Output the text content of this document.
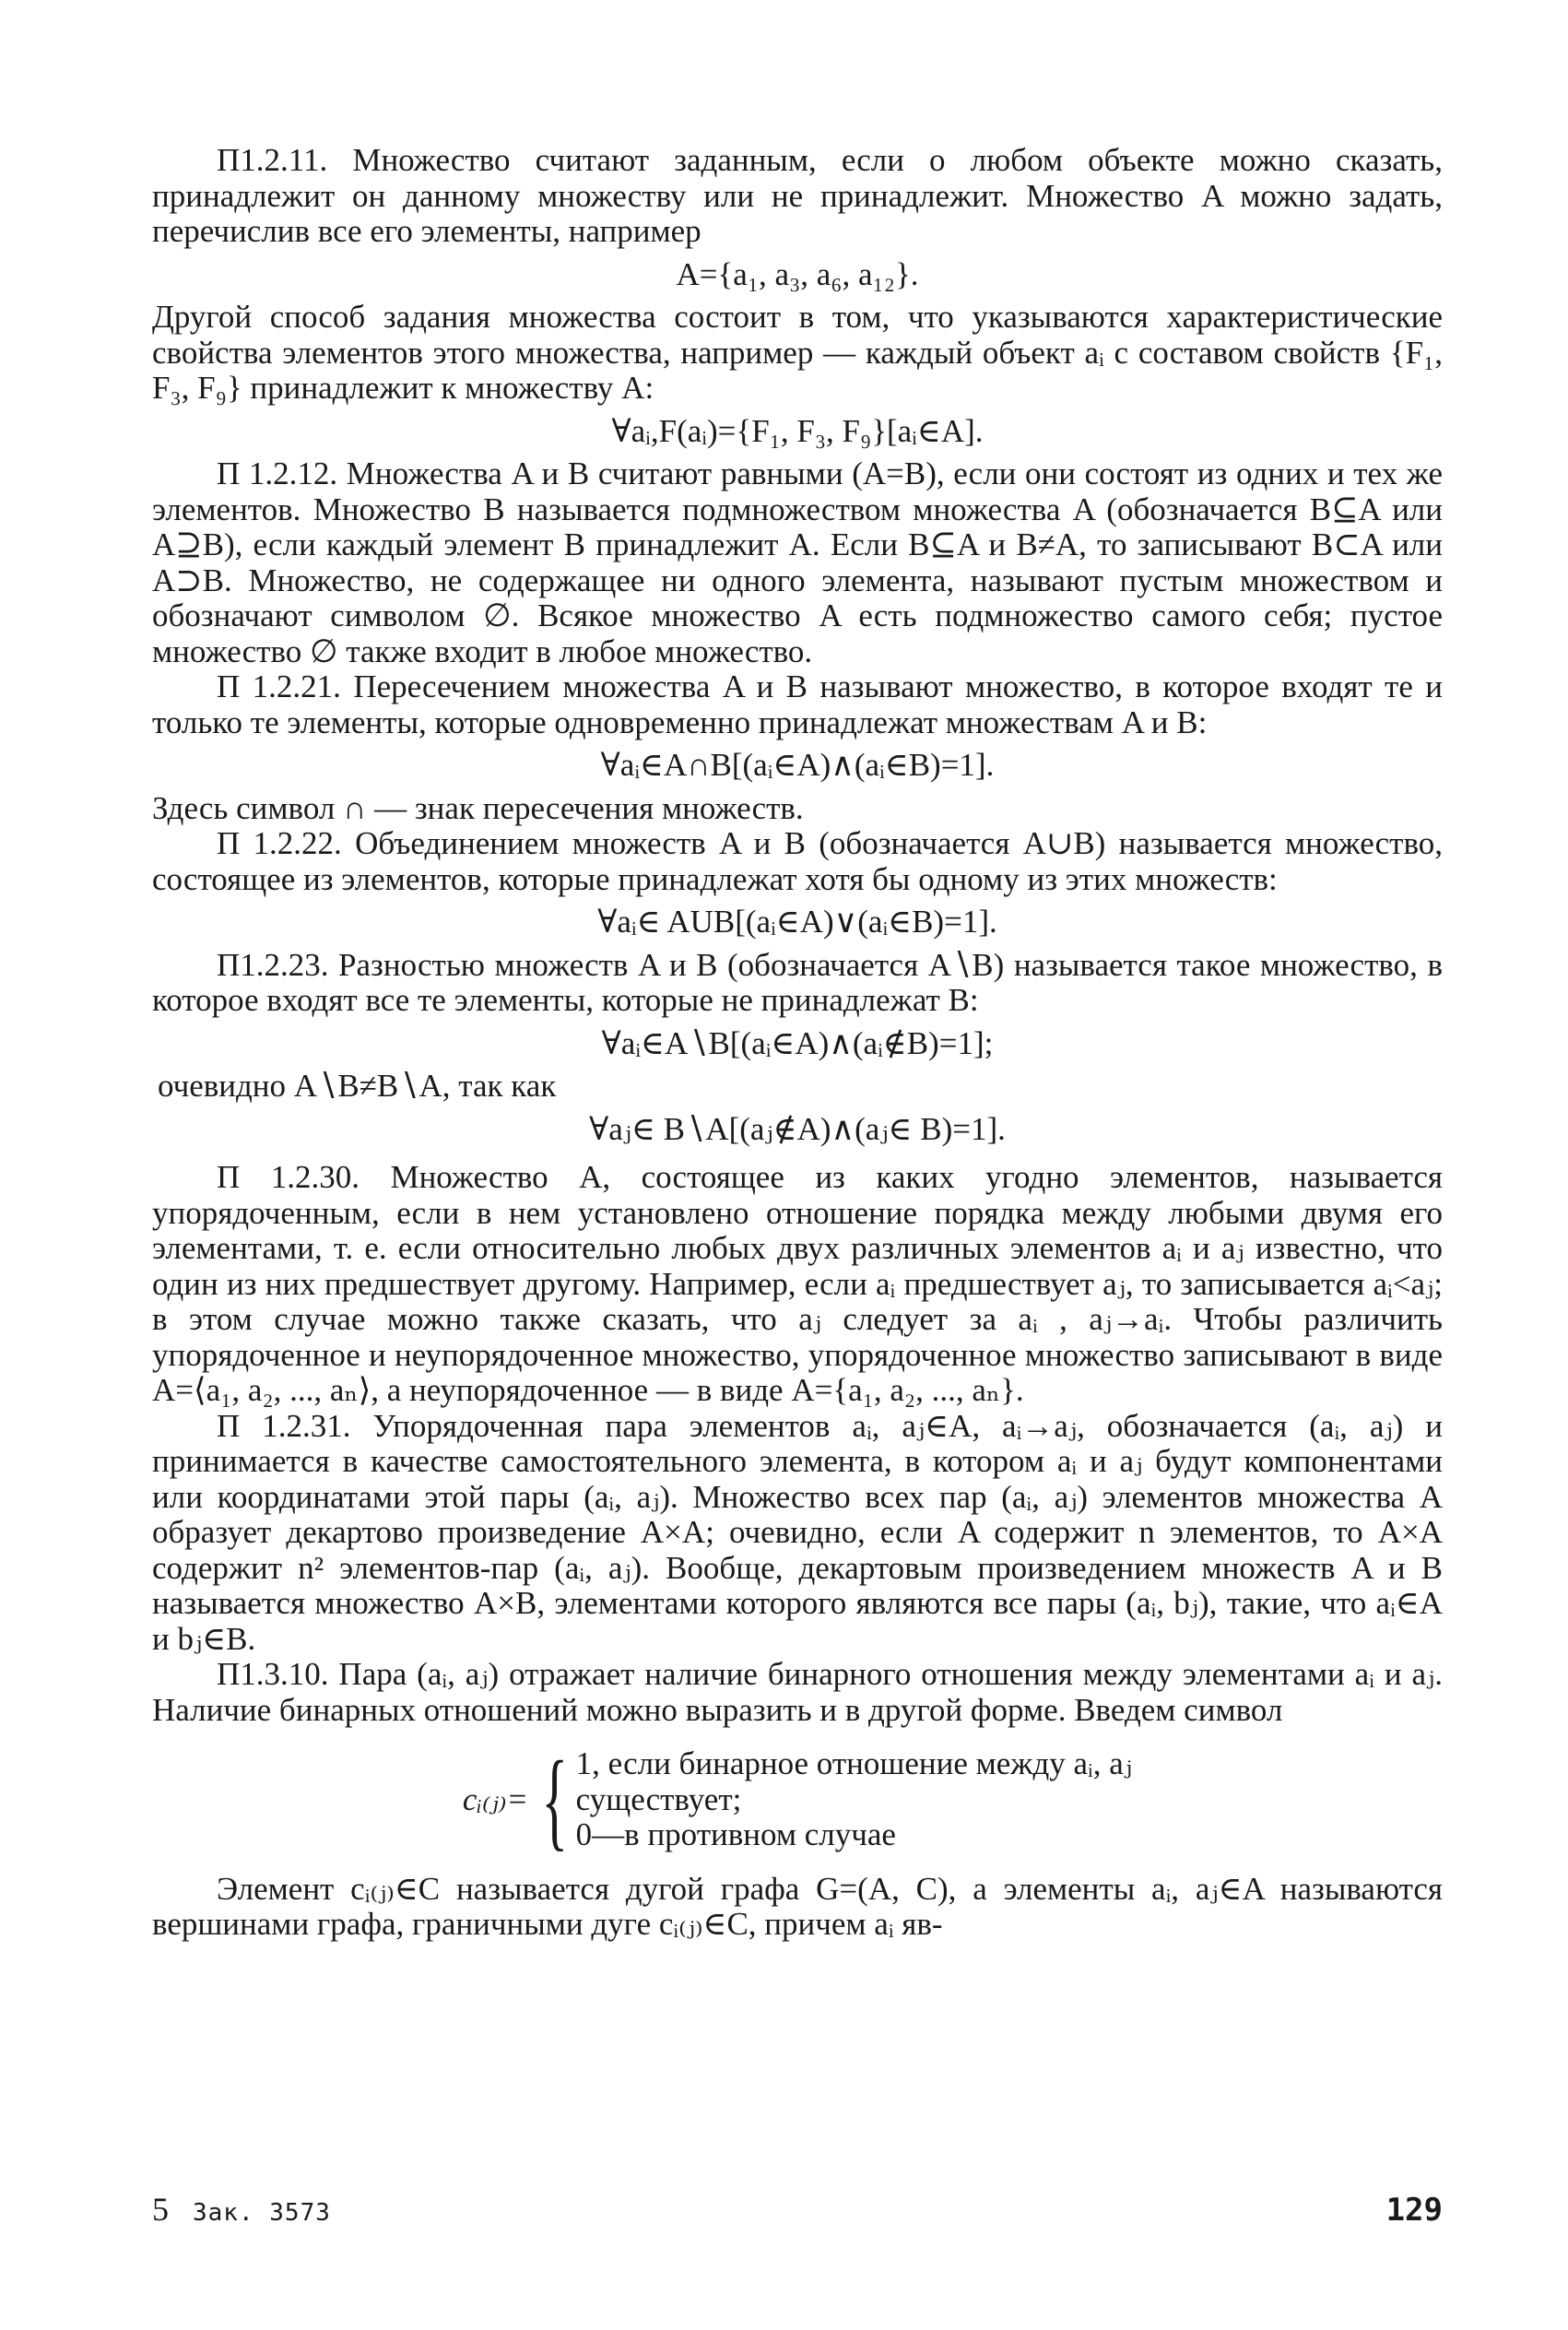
П1.2.11. Множество считают заданным, если о любом объекте можно сказать, принадлежит он данному множеству или не принадлежит. Множество A можно задать, перечислив все его элементы, например

A={a₁, a₃, a₆, a₁₂}.

Другой способ задания множества состоит в том, что указываются характеристические свойства элементов этого множества, например — каждый объект aᵢ с составом свойств {F₁, F₃, F₉} принадлежит к множеству A:

∀aᵢ,F(aᵢ)={F₁, F₃, F₉}[aᵢ∈A].

П 1.2.12. Множества A и B считают равными (A=B), если они состоят из одних и тех же элементов. Множество B называется подмножеством множества A (обозначается B⊆A или A⊇B), если каждый элемент B принадлежит A. Если B⊆A и B≠A, то записывают B⊂A или A⊃B. Множество, не содержащее ни одного элемента, называют пустым множеством и обозначают символом ∅. Всякое множество A есть подмножество самого себя; пустое множество ∅ также входит в любое множество.

П 1.2.21. Пересечением множества A и B называют множество, в которое входят те и только те элементы, которые одновременно принадлежат множествам A и B:

∀aᵢ∈A∩B[(aᵢ∈A)∧(aᵢ∈B)=1].

Здесь символ ∩ — знак пересечения множеств.

П 1.2.22. Объединением множеств A и B (обозначается A∪B) называется множество, состоящее из элементов, которые принадлежат хотя бы одному из этих множеств:

∀aᵢ∈ AUB[(aᵢ∈A)∨(aᵢ∈B)=1].

П1.2.23. Разностью множеств A и B (обозначается A∖B) называется такое множество, в которое входят все те элементы, которые не принадлежат B:

∀aᵢ∈A∖B[(aᵢ∈A)∧(aᵢ∉B)=1];

очевидно A∖B≠B∖A, так как

∀aⱼ∈ B∖A[(aⱼ∉A)∧(aⱼ∈ B)=1].

П 1.2.30. Множество A, состоящее из каких угодно элементов, называется упорядоченным, если в нем установлено отношение порядка между любыми двумя его элементами, т. е. если относительно любых двух различных элементов aᵢ и aⱼ известно, что один из них предшествует другому. Например, если aᵢ предшествует aⱼ, то записывается aᵢ<aⱼ; в этом случае можно также сказать, что aⱼ следует за aᵢ , aⱼ→aᵢ. Чтобы различить упорядоченное и неупорядоченное множество, упорядоченное множество записывают в виде A=⟨a₁, a₂, ..., aₙ⟩, а неупорядоченное — в виде A={a₁, a₂, ..., aₙ}.

П 1.2.31. Упорядоченная пара элементов aᵢ, aⱼ∈A, aᵢ→aⱼ, обозначается (aᵢ, aⱼ) и принимается в качестве самостоятельного элемента, в котором aᵢ и aⱼ будут компонентами или координатами этой пары (aᵢ, aⱼ). Множество всех пар (aᵢ, aⱼ) элементов множества A образует декартово произведение A×A; очевидно, если A содержит n элементов, то A×A содержит n² элементов-пар (aᵢ, aⱼ). Вообще, декартовым произведением множеств A и B называется множество A×B, элементами которого являются все пары (aᵢ, bⱼ), такие, что aᵢ∈A и bⱼ∈B.

П1.3.10. Пара (aᵢ, aⱼ) отражает наличие бинарного отношения между элементами aᵢ и aⱼ. Наличие бинарных отношений можно выразить и в другой форме. Введем символ

cᵢ₍ⱼ₎= { 1, если бинарное отношение между aᵢ, aⱼ
существует;
0—в противном случае

Элемент cᵢ₍ⱼ₎∈C называется дугой графа G=(A, C), а элементы aᵢ, aⱼ∈A называются вершинами графа, граничными дуге cᵢ₍ⱼ₎∈C, причем aᵢ яв-

5 Зак. 3573	129
